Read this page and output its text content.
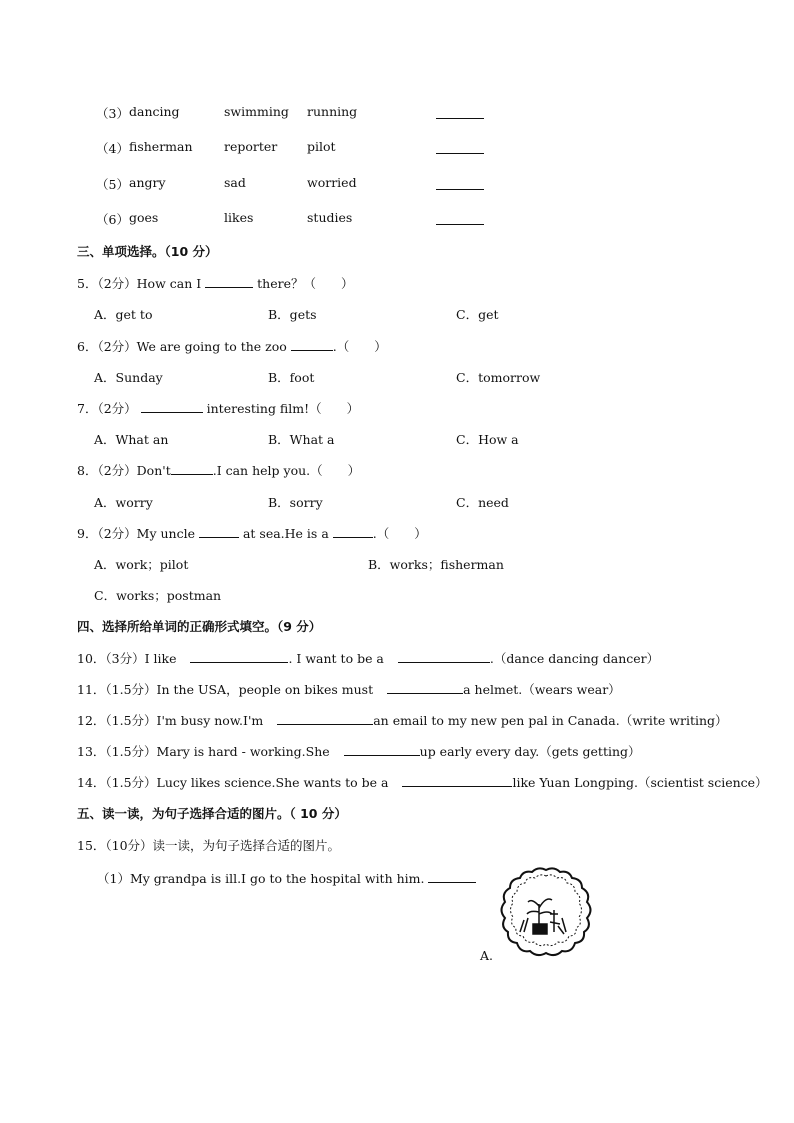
（3） dancing	swimming running
（4） fisherman	reporter pilot
（5） angry	sad	worried
（6） goes	likes	studies
三、单项选择。（10 分）
5．（2分）How can I	there？（　　）
A．get to	B．gets	C．get
6．（2分）We are going to the zoo	.（　　）
A．Sunday	B．foot	C．tomorrow
7．（2分）	interesting film!（　　）
A．What an	B．What a	C．How a
8．（2分）Don't	.I can help you.（　　）
A．worry	B．sorry	C．need
9．（2分）My uncle	at sea.He is a	.（　　）
A．work；pilot	B．works；fisherman
C．works；postman
四、选择所给单词的正确形式填空。（9 分）
10．（3分）I like	. I want to be a	.（dance dancing dancer）
11．（1.5分）In the USA，people on bikes must	a helmet.（wears wear）
12．（1.5分）I'm busy now.I'm	an email to my new pen pal in Canada.（write writing）
13．（1.5分）Mary is hard - working.She	up early every day.（gets getting）
14．（1.5分）Lucy likes science.She wants to be a	like Yuan Longping.（scientist science）
五、读一读，为句子选择合适的图片。（ 10 分）
15．（10分）读一读，为句子选择合适的图片。
（1）My grandpa is ill.I go to the hospital with him.
A.
